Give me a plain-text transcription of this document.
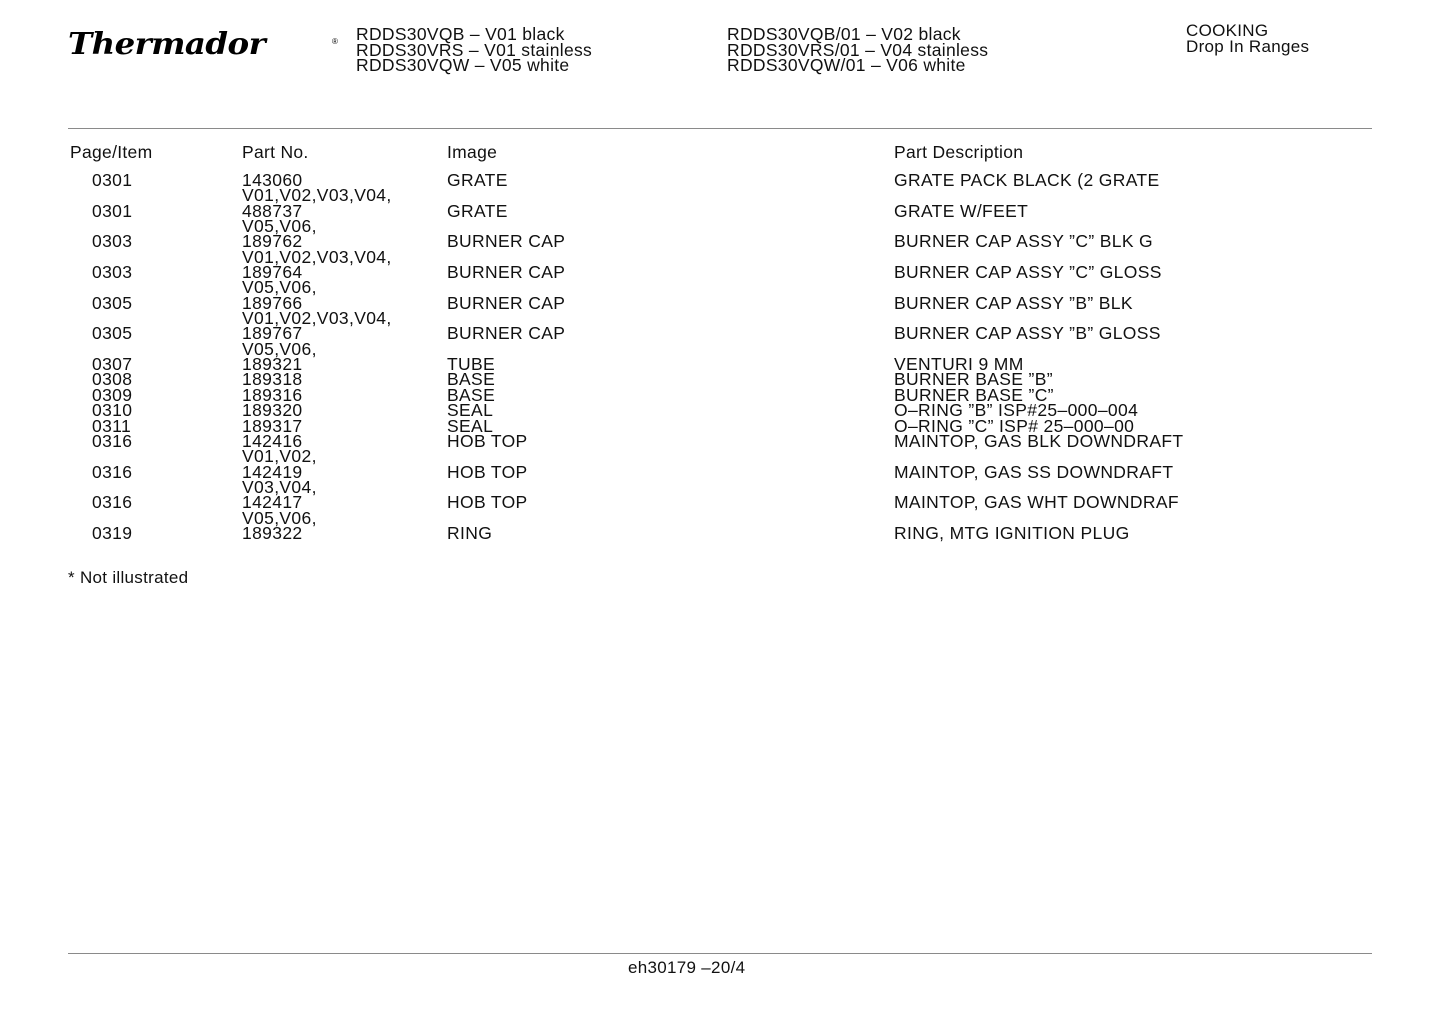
Thermador	® RDDS30VQB – V01 black
RDDS30VRS – V01 stainless
RDDS30VQW – V05 white
RDDS30VQB/01 – V02 black
RDDS30VRS/01 – V04 stainless
RDDS30VQW/01 – V06 white
COOKING
Drop In Ranges
Page/Item	Part No.	Image	Part Description
0301	143060	GRATE	GRATE PACK BLACK (2 GRATE
V01,V02,V03,V04,
0301	488737	GRATE	GRATE W/FEET
V05,V06,
0303	189762	BURNER CAP	BURNER CAP ASSY ”C” BLK G
V01,V02,V03,V04,
0303	189764	BURNER CAP	BURNER CAP ASSY ”C” GLOSS
V05,V06,
0305	189766	BURNER CAP	BURNER CAP ASSY ”B” BLK
V01,V02,V03,V04,
0305	189767	BURNER CAP	BURNER CAP ASSY ”B” GLOSS
V05,V06,
0307	189321	TUBE	VENTURI 9 MM
0308	189318	BASE	BURNER BASE ”B”
0309	189316	BASE	BURNER BASE ”C”
0310	189320	SEAL	O–RING ”B” ISP#25–000–004
0311	189317	SEAL	O–RING ”C” ISP# 25–000–00
0316	142416	HOB TOP	MAINTOP, GAS BLK DOWNDRAFT
V01,V02,
0316	142419	HOB TOP	MAINTOP, GAS SS DOWNDRAFT
V03,V04,
0316	142417	HOB TOP	MAINTOP, GAS WHT DOWNDRAF
V05,V06,
0319	189322	RING	RING, MTG IGNITION PLUG
* Not illustrated
eh30179 –20/4
